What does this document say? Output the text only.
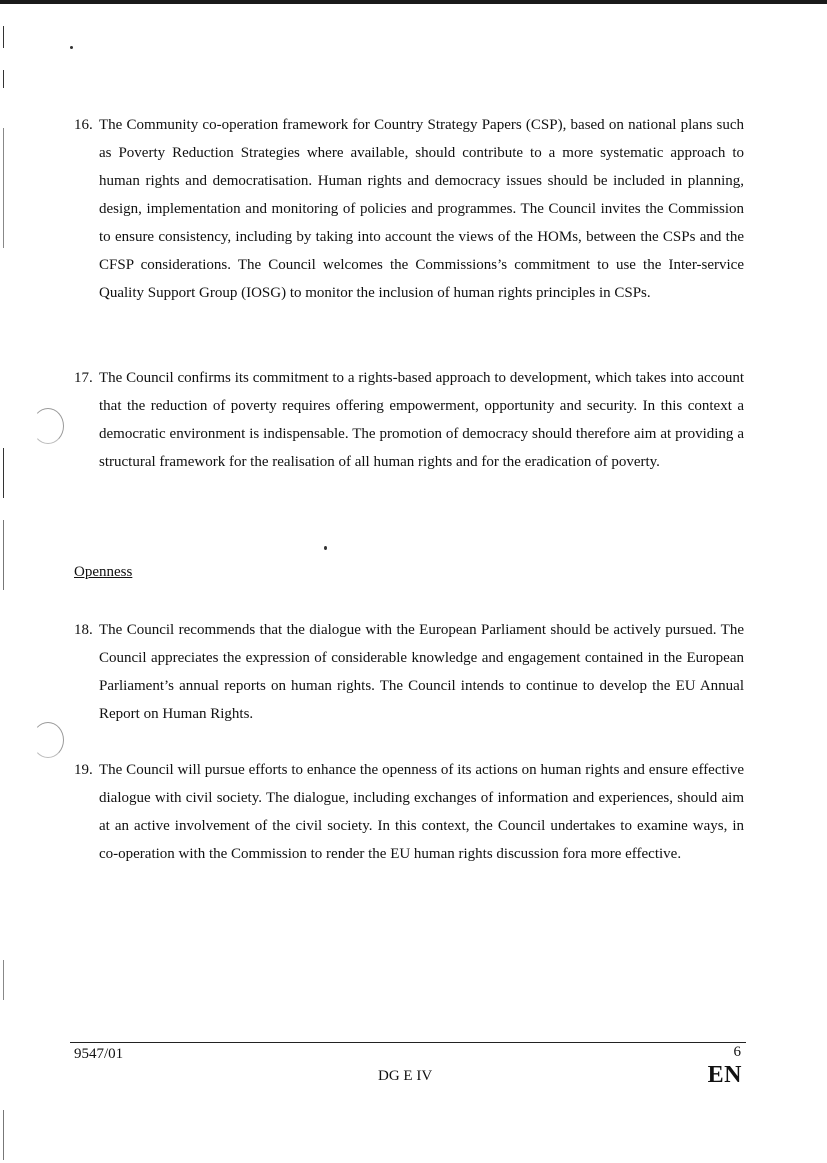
16. The Community co-operation framework for Country Strategy Papers (CSP), based on national plans such as Poverty Reduction Strategies where available, should contribute to a more systematic approach to human rights and democratisation. Human rights and democracy issues should be included in planning, design, implementation and monitoring of policies and programmes. The Council invites the Commission to ensure consistency, including by taking into account the views of the HOMs, between the CSPs and the CFSP considerations. The Council welcomes the Commissions’s commitment to use the Inter-service Quality Support Group (IOSG) to monitor the inclusion of human rights principles in CSPs.
17. The Council confirms its commitment to a rights-based approach to development, which takes into account that the reduction of poverty requires offering empowerment, opportunity and security. In this context a democratic environment is indispensable. The promotion of democracy should therefore aim at providing a structural framework for the realisation of all human rights and for the eradication of poverty.
Openness
18. The Council recommends that the dialogue with the European Parliament should be actively pursued. The Council appreciates the expression of considerable knowledge and engagement contained in the European Parliament’s annual reports on human rights. The Council intends to continue to develop the EU Annual Report on Human Rights.
19. The Council will pursue efforts to enhance the openness of its actions on human rights and ensure effective dialogue with civil society. The dialogue, including exchanges of information and experiences, should aim at an active involvement of the civil society. In this context, the Council undertakes to examine ways, in co-operation with the Commission to render the EU human rights discussion fora more effective.
9547/01
DG E IV
6
EN
